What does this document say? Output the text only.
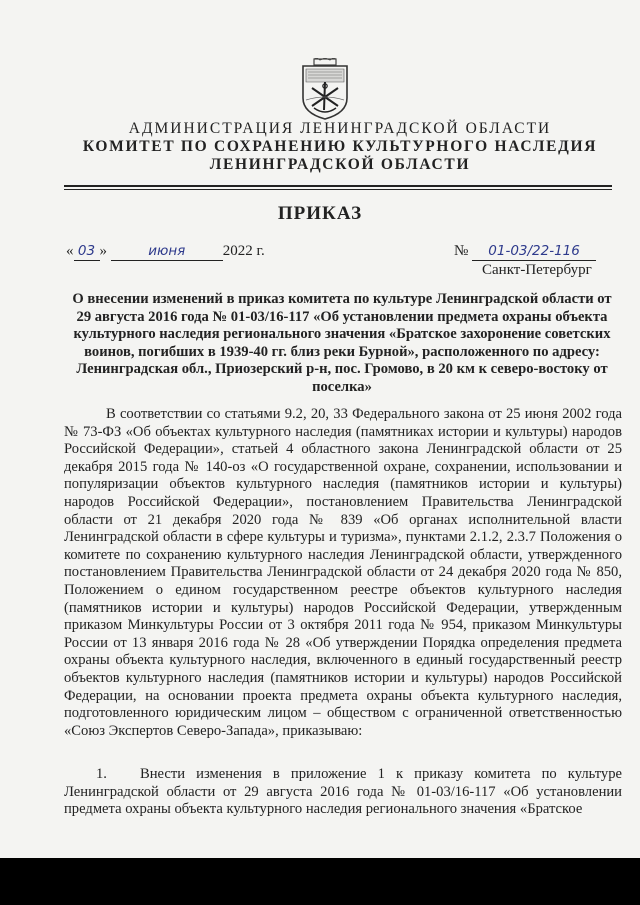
АДМИНИСТРАЦИЯ ЛЕНИНГРАДСКОЙ ОБЛАСТИ
КОМИТЕТ ПО СОХРАНЕНИЮ КУЛЬТУРНОГО НАСЛЕДИЯ
ЛЕНИНГРАДСКОЙ ОБЛАСТИ
ПРИКАЗ
« 03 »	июня 2022 г.	№ 01-03/22-116
Санкт-Петербург

О внесении изменений в приказ комитета по культуре Ленинградской области от 29 августа 2016 года № 01-03/16-117 «Об установлении предмета охраны объекта культурного наследия регионального значения «Братское захоронение советских воинов, погибших в 1939-40 гг. близ реки Бурной», расположенного по адресу: Ленинградская обл., Приозерский р-н, пос. Громово, в 20 км к северо-востоку от поселка»

В соответствии со статьями 9.2, 20, 33 Федерального закона от 25 июня 2002 года № 73-ФЗ «Об объектах культурного наследия (памятниках истории и культуры) народов Российской Федерации», статьей 4 областного закона Ленинградской области от 25 декабря 2015 года № 140-оз «О государственной охране, сохранении, использовании и популяризации объектов культурного наследия (памятников истории и культуры) народов Российской Федерации», постановлением Правительства Ленинградской области от 21 декабря 2020 года № 839 «Об органах исполнительной власти Ленинградской области в сфере культуры и туризма», пунктами 2.1.2, 2.3.7 Положения о комитете по сохранению культурного наследия Ленинградской области, утвержденного постановлением Правительства Ленинградской области от 24 декабря 2020 года № 850, Положением о едином государственном реестре объектов культурного наследия (памятников истории и культуры) народов Российской Федерации, утвержденным приказом Минкультуры России от 3 октября 2011 года № 954, приказом Минкультуры России от 13 января 2016 года № 28 «Об утверждении Порядка определения предмета охраны объекта культурного наследия, включенного в единый государственный реестр объектов культурного наследия (памятников истории и культуры) народов Российской Федерации, на основании проекта предмета охраны объекта культурного наследия, подготовленного юридическим лицом – обществом с ограниченной ответственностью «Союз Экспертов Северо-Запада», приказываю:

1. Внести изменения в приложение 1 к приказу комитета по культуре Ленинградской области от 29 августа 2016 года № 01-03/16-117 «Об установлении предмета охраны объекта культурного наследия регионального значения «Братское
